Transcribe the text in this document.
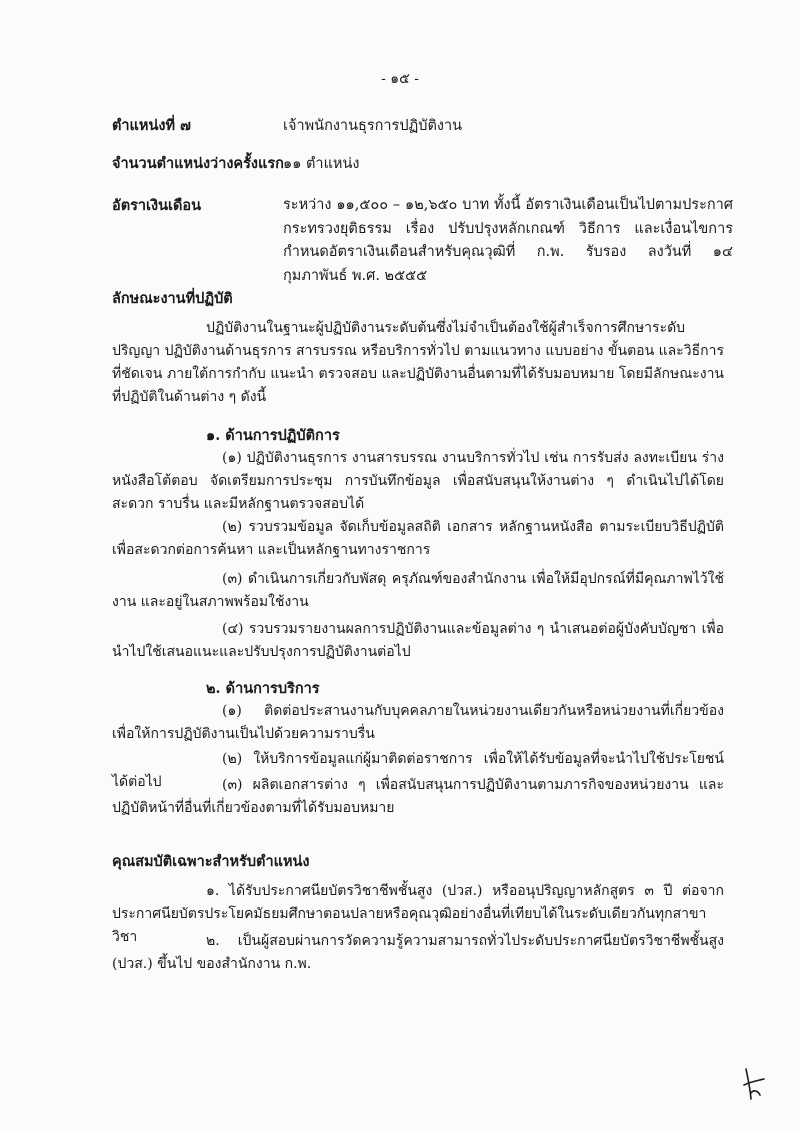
- ๑๕ -
ตำแหน่งที่ ๗	เจ้าพนักงานธุรการปฏิบัติงาน
จำนวนตำแหน่งว่างครั้งแรก ๑๑ ตำแหน่ง
อัตราเงินเดือน	ระหว่าง ๑๑,๕๐๐ – ๑๒,๖๕๐ บาท ทั้งนี้ อัตราเงินเดือนเป็นไปตามประกาศกระทรวงยุติธรรม เรื่อง ปรับปรุงหลักเกณฑ์ วิธีการ และเงื่อนไขการกำหนดอัตราเงินเดือนสำหรับคุณวุฒิที่ ก.พ. รับรอง ลงวันที่ ๑๔ กุมภาพันธ์ พ.ศ. ๒๕๕๕
ลักษณะงานที่ปฏิบัติ
ปฏิบัติงานในฐานะผู้ปฏิบัติงานระดับต้นซึ่งไม่จำเป็นต้องใช้ผู้สำเร็จการศึกษาระดับปริญญา ปฏิบัติงานด้านธุรการ สารบรรณ หรือบริการทั่วไป ตามแนวทาง แบบอย่าง ขั้นตอน และวิธีการที่ชัดเจน ภายใต้การกำกับ แนะนำ ตรวจสอบ และปฏิบัติงานอื่นตามที่ได้รับมอบหมาย โดยมีลักษณะงานที่ปฏิบัติในด้านต่าง ๆ ดังนี้
๑. ด้านการปฏิบัติการ
(๑) ปฏิบัติงานธุรการ งานสารบรรณ งานบริการทั่วไป เช่น การรับส่ง ลงทะเบียน ร่างหนังสือโต้ตอบ จัดเตรียมการประชุม การบันทึกข้อมูล เพื่อสนับสนุนให้งานต่าง ๆ ดำเนินไปได้โดยสะดวก ราบรื่น และมีหลักฐานตรวจสอบได้
(๒) รวบรวมข้อมูล จัดเก็บข้อมูลสถิติ เอกสาร หลักฐานหนังสือ ตามระเบียบวิธีปฏิบัติ เพื่อสะดวกต่อการค้นหา และเป็นหลักฐานทางราชการ
(๓) ดำเนินการเกี่ยวกับพัสดุ ครุภัณฑ์ของสำนักงาน เพื่อให้มีอุปกรณ์ที่มีคุณภาพไว้ใช้งาน และอยู่ในสภาพพร้อมใช้งาน
(๔) รวบรวมรายงานผลการปฏิบัติงานและข้อมูลต่าง ๆ นำเสนอต่อผู้บังคับบัญชา เพื่อนำไปใช้เสนอแนะและปรับปรุงการปฏิบัติงานต่อไป
๒. ด้านการบริการ
(๑) ติดต่อประสานงานกับบุคคลภายในหน่วยงานเดียวกันหรือหน่วยงานที่เกี่ยวข้อง เพื่อให้การปฏิบัติงานเป็นไปด้วยความราบรื่น
(๒) ให้บริการข้อมูลแก่ผู้มาติดต่อราชการ เพื่อให้ได้รับข้อมูลที่จะนำไปใช้ประโยชน์ได้ต่อไป	(๓) ผลิตเอกสารต่าง ๆ เพื่อสนับสนุนการปฏิบัติงานตามภารกิจของหน่วยงาน และปฏิบัติหน้าที่อื่นที่เกี่ยวข้องตามที่ได้รับมอบหมาย
คุณสมบัติเฉพาะสำหรับตำแหน่ง
๑. ได้รับประกาศนียบัตรวิชาชีพชั้นสูง (ปวส.) หรืออนุปริญญาหลักสูตร ๓ ปี ต่อจากประกาศนียบัตรประโยคมัธยมศึกษาตอนปลายหรือคุณวุฒิอย่างอื่นที่เทียบได้ในระดับเดียวกันทุกสาขาวิชา	๒. เป็นผู้สอบผ่านการวัดความรู้ความสามารถทั่วไประดับประกาศนียบัตรวิชาชีพชั้นสูง (ปวส.) ขึ้นไป ของสำนักงาน ก.พ.
